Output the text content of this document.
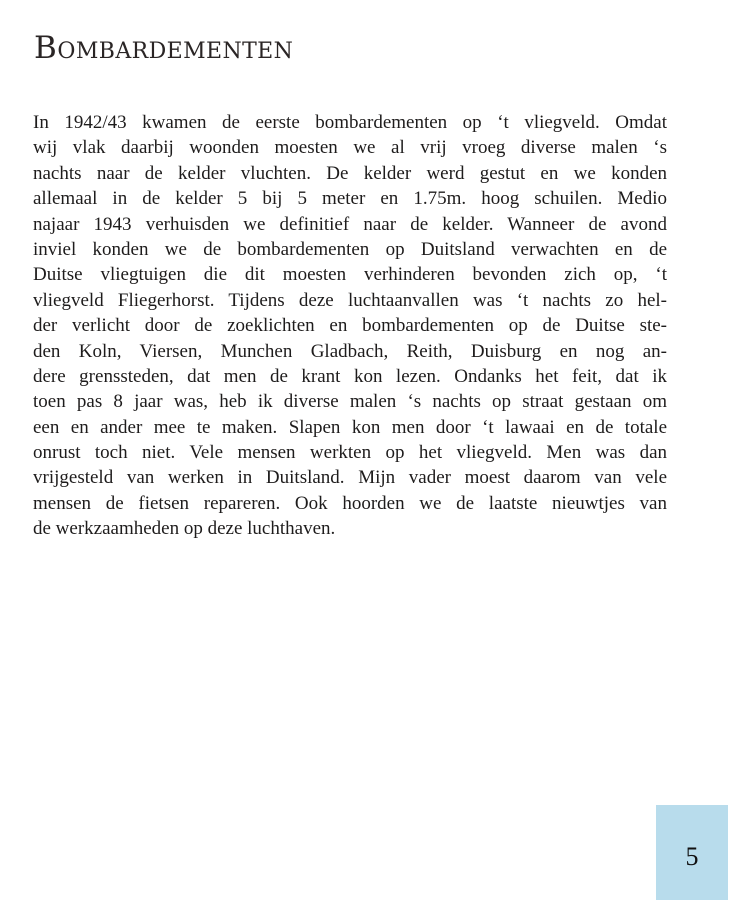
BOMBARDEMENTEN
In 1942/43 kwamen de eerste bombardementen op ‘t vliegveld. Omdat
wij vlak daarbij woonden moesten we al vrij vroeg diverse malen ‘s
nachts naar de kelder vluchten. De kelder werd gestut en we konden
allemaal in de kelder 5 bij 5 meter en 1.75m. hoog schuilen. Medio
najaar 1943 verhuisden we definitief naar de kelder. Wanneer de avond
inviel konden we de bombardementen op Duitsland verwachten en de
Duitse vliegtuigen die dit moesten verhinderen bevonden zich op, ‘t
vliegveld Fliegerhorst. Tijdens deze luchtaanvallen was ‘t nachts zo hel-
der verlicht door de zoeklichten en bombardementen op de Duitse ste-
den Koln, Viersen, Munchen Gladbach, Reith, Duisburg en nog an-
dere grenssteden, dat men de krant kon lezen. Ondanks het feit, dat ik
toen pas 8 jaar was, heb ik diverse malen ‘s nachts op straat gestaan om
een en ander mee te maken. Slapen kon men door ‘t lawaai en de totale
onrust toch niet. Vele mensen werkten op het vliegveld. Men was dan
vrijgesteld van werken in Duitsland. Mijn vader moest daarom van vele
mensen de fietsen repareren. Ook hoorden we de laatste nieuwtjes van
de werkzaamheden op deze luchthaven.
5
